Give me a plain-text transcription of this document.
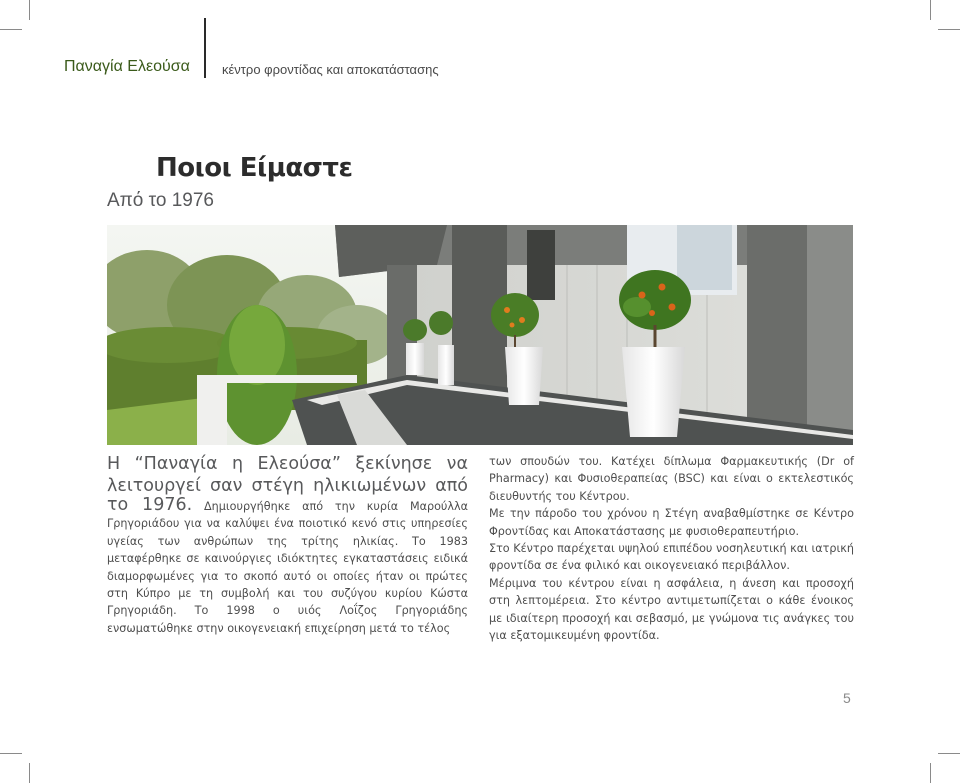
Παναγία Ελεούσα κέντρο φροντίδας και αποκατάστασης
Ποιοι Είμαστε
Από το 1976
Η “Παναγία η Ελεούσα” ξεκίνησε να
λειτουργεί σαν στέγη ηλικιωμένων από

το 1976. Δημιουργήθηκε από την κυρία Μαρούλλα Γρηγοριάδου για να καλύψει ένα ποιοτικό κενό στις υπηρεσίες υγείας των ανθρώπων της τρίτης ηλικίας. Το 1983 μεταφέρθηκε σε καινούργιες ιδιόκτητες εγκαταστάσεις ειδικά διαμορφωμένες για το σκοπό αυτό οι οποίες ήταν οι πρώτες στη Κύπρο με τη συμβολή και του συζύγου κυρίου Κώστα Γρηγοριάδη. Το 1998 ο υιός Λοΐζος Γρηγοριάδης ενσωματώθηκε στην οικογενειακή επιχείρηση μετά το τέλος

των σπουδών του. Κατέχει δίπλωμα Φαρμακευτικής (Dr of Pharmacy) και Φυσιοθεραπείας (BSC) και είναι ο εκτελεστικός διευθυντής του Κέντρου.

Με την πάροδο του χρόνου η Στέγη αναβαθμίστηκε σε Κέντρο Φροντίδας και Αποκατάστασης με φυσιοθεραπευτήριο.

Στο Κέντρο παρέχεται υψηλού επιπέδου νοσηλευτική και ιατρική φροντίδα σε ένα φιλικό και οικογενειακό περιβάλλον.

Μέριμνα του κέντρου είναι η ασφάλεια, η άνεση και προσοχή στη λεπτομέρεια. Στο κέντρο αντιμετωπίζεται ο κάθε ένοικος με ιδιαίτερη προσοχή και σεβασμό, με γνώμονα τις ανάγκες του για εξατομικευμένη φροντίδα.

5
